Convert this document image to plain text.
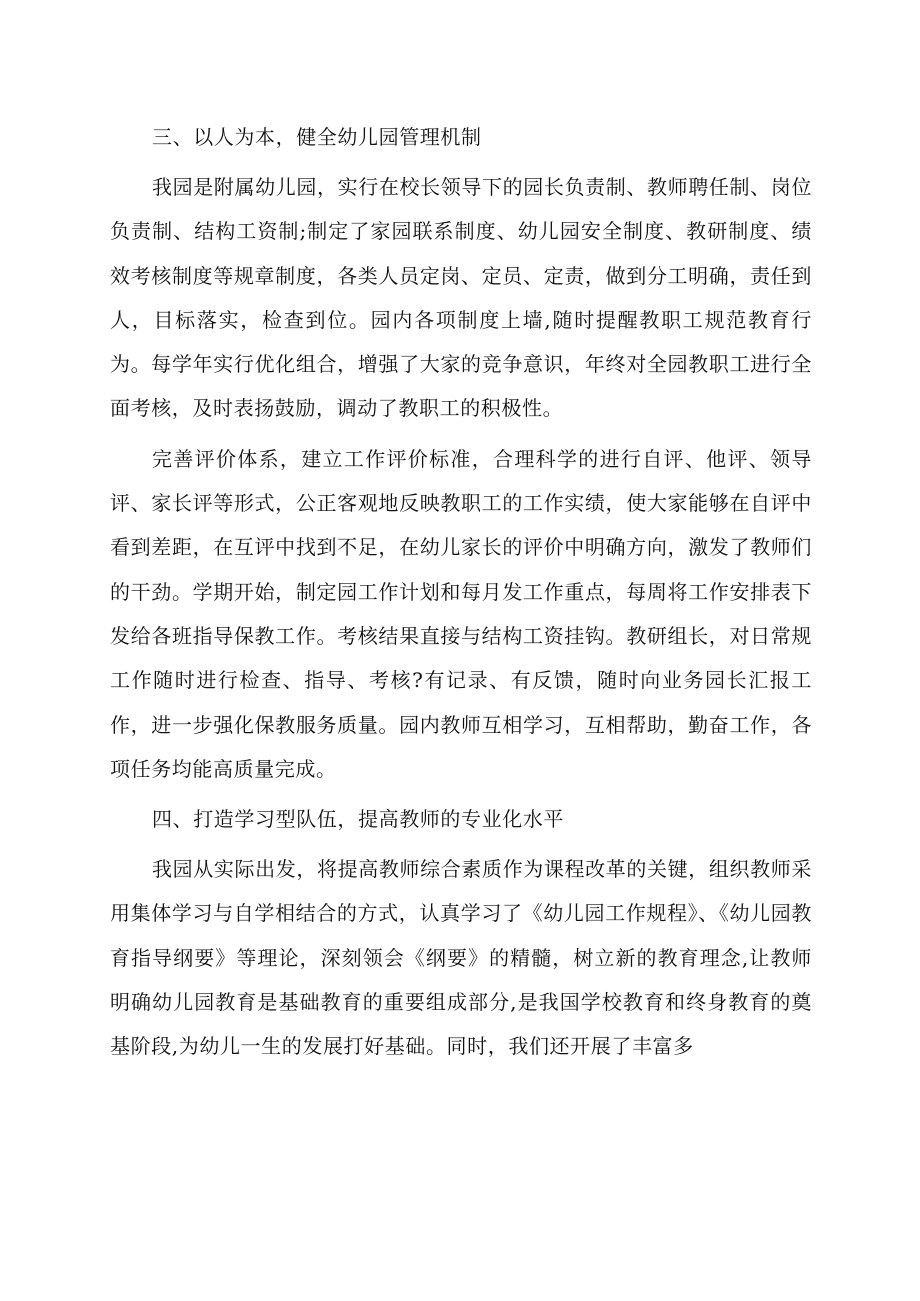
三、以人为本，健全幼儿园管理机制

我园是附属幼儿园，实行在校长领导下的园长负责制、教师聘任制、岗位负责制、结构工资制;制定了家园联系制度、幼儿园安全制度、教研制度、绩效考核制度等规章制度，各类人员定岗、定员、定责，做到分工明确，责任到人，目标落实，检查到位。园内各项制度上墙,随时提醒教职工规范教育行为。每学年实行优化组合，增强了大家的竞争意识，年终对全园教职工进行全面考核，及时表扬鼓励，调动了教职工的积极性。

完善评价体系，建立工作评价标准，合理科学的进行自评、他评、领导评、家长评等形式，公正客观地反映教职工的工作实绩，使大家能够在自评中看到差距，在互评中找到不足，在幼儿家长的评价中明确方向，激发了教师们的干劲。学期开始，制定园工作计划和每月发工作重点，每周将工作安排表下发给各班指导保教工作。考核结果直接与结构工资挂钩。教研组长，对日常规工作随时进行检查、指导、考核?有记录、有反馈，随时向业务园长汇报工作，进一步强化保教服务质量。园内教师互相学习，互相帮助，勤奋工作，各项任务均能高质量完成。

四、打造学习型队伍，提高教师的专业化水平

我园从实际出发，将提高教师综合素质作为课程改革的关键，组织教师采用集体学习与自学相结合的方式，认真学习了《幼儿园工作规程》、《幼儿园教育指导纲要》等理论，深刻领会《纲要》的精髓，树立新的教育理念,让教师明确幼儿园教育是基础教育的重要组成部分,是我国学校教育和终身教育的奠基阶段,为幼儿一生的发展打好基础。同时，我们还开展了丰富多
